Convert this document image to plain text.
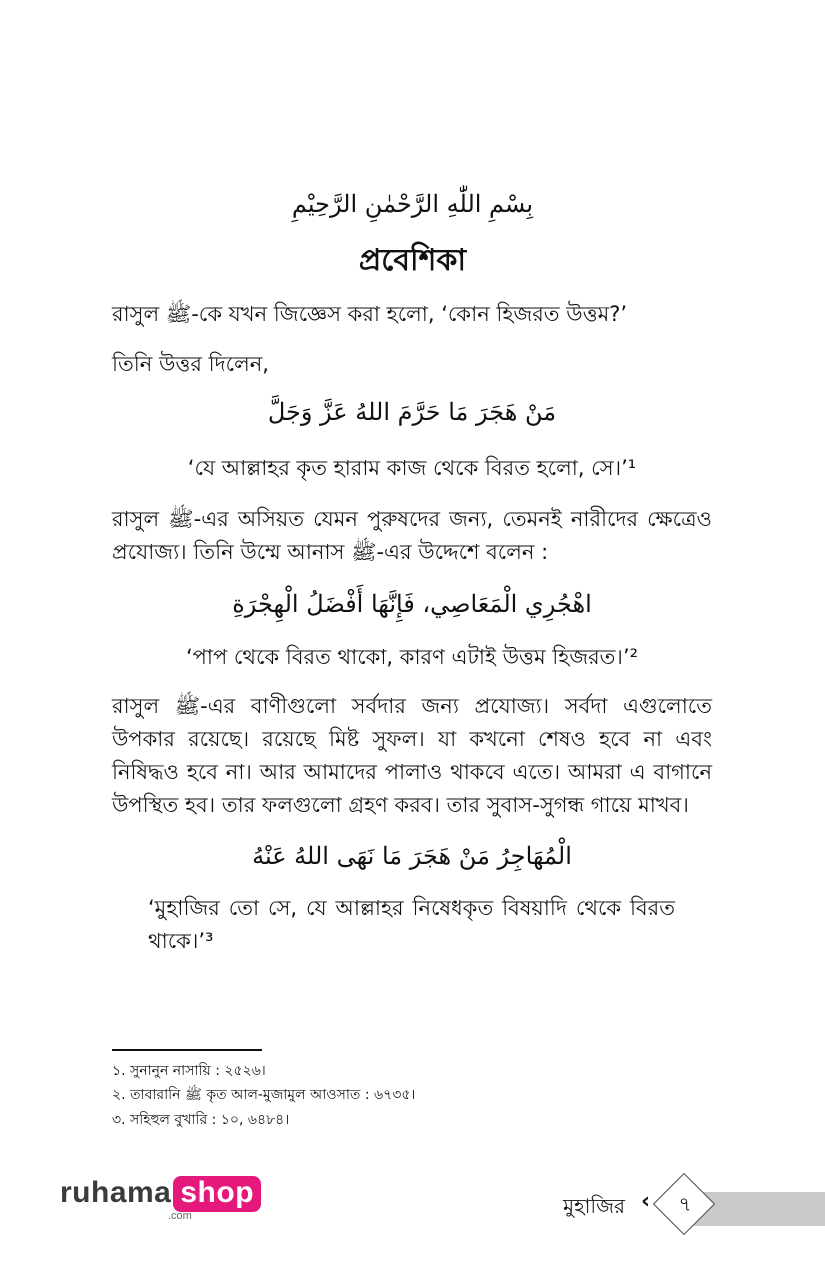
بِسْمِ اللّٰهِ الرَّحْمٰنِ الرَّحِيْمِ
প্রবেশিকা

রাসুল ﷺ-কে যখন জিজ্ঞেস করা হলো, ‘কোন হিজরত উত্তম?’

তিনি উত্তর দিলেন,

مَنْ هَجَرَ مَا حَرَّمَ اللهُ عَزَّ وَجَلَّ

‘যে আল্লাহর কৃত হারাম কাজ থেকে বিরত হলো, সে।’¹

রাসুল ﷺ-এর অসিয়ত যেমন পুরুষদের জন্য, তেমনই নারীদের ক্ষেত্রেও প্রযোজ্য। তিনি উম্মে আনাস ﷺ-এর উদ্দেশে বলেন :

اهْجُرِي الْمَعَاصِي، فَإِنَّهَا أَفْضَلُ الْهِجْرَةِ

‘পাপ থেকে বিরত থাকো, কারণ এটাই উত্তম হিজরত।’²

রাসুল ﷺ-এর বাণীগুলো সর্বদার জন্য প্রযোজ্য। সর্বদা এগুলোতে উপকার রয়েছে। রয়েছে মিষ্ট সুফল। যা কখনো শেষও হবে না এবং নিষিদ্ধও হবে না। আর আমাদের পালাও থাকবে এতে। আমরা এ বাগানে উপস্থিত হব। তার ফলগুলো গ্রহণ করব। তার সুবাস-সুগন্ধ গায়ে মাখব।

الْمُهَاجِرُ مَنْ هَجَرَ مَا نَهَى اللهُ عَنْهُ

‘মুহাজির তো সে, যে আল্লাহর নিষেধকৃত বিষয়াদি থেকে বিরত থাকে।’³

১. সুনানুন নাসায়ি : ২৫২৬।
২. তাবারানি ﷺ কৃত আল-মুজামুল আওসাত : ৬৭৩৫।
৩. সহিহুল বুখারি : ১০, ৬৪৮৪।
ruhama shop
.com	মুহাজির ‹	৭
